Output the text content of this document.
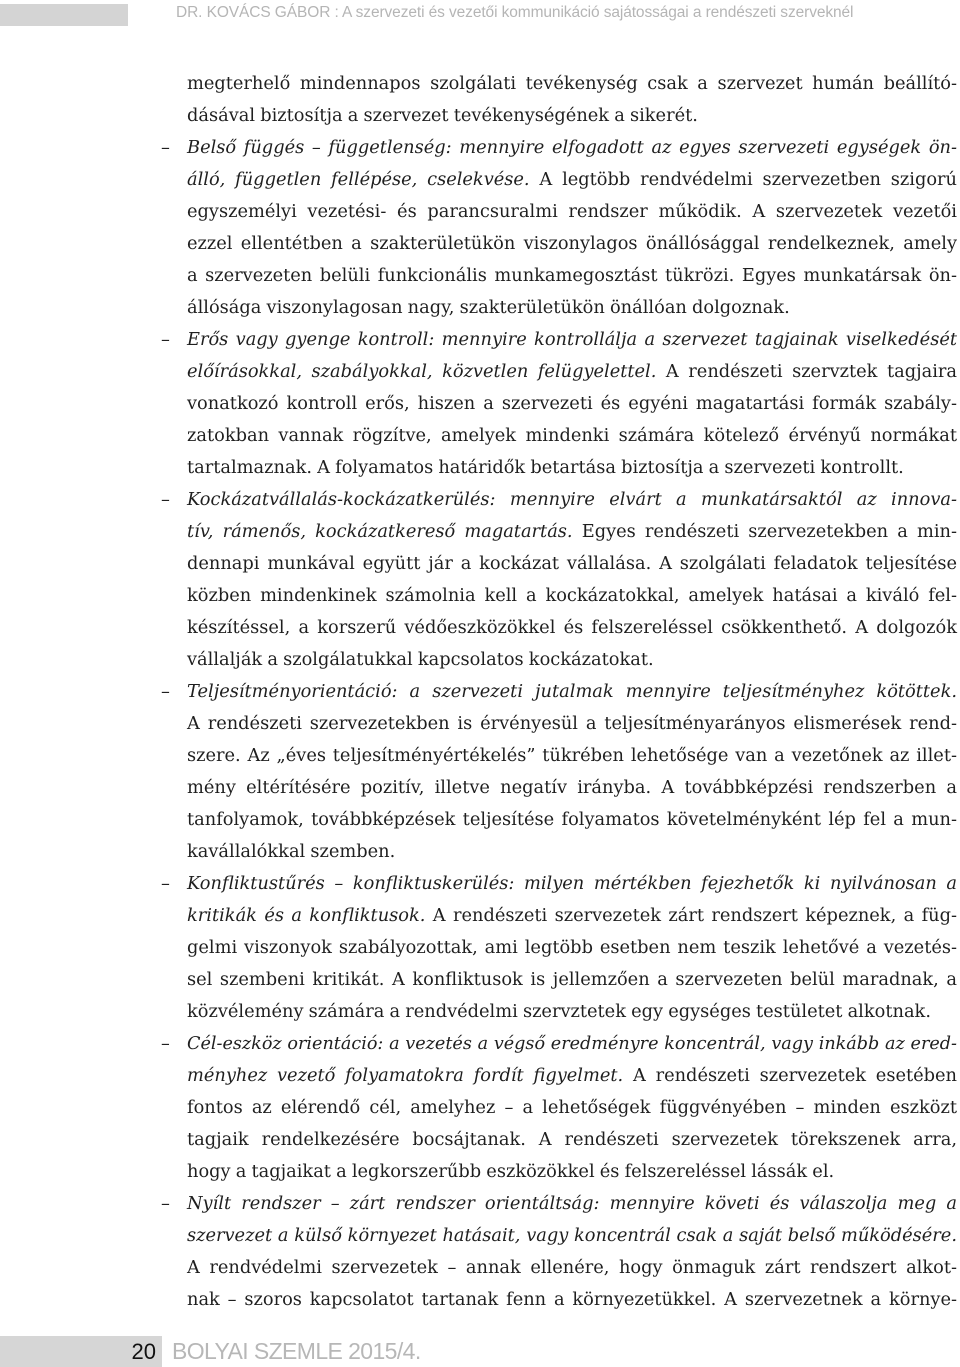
DR. KOVÁCS GÁBOR : A szervezeti és vezetői kommunikáció sajátosságai a rendészeti szerveknél
megterhelő mindennapos szolgálati tevékenység csak a szervezet humán beállító-
dásával biztosítja a szervezet tevékenységének a sikerét.
– Belső függés – függetlenség: mennyire elfogadott az egyes szervezeti egységek ön-
álló, független fellépése, cselekvése. A legtöbb rendvédelmi szervezetben szigorú
egyszemélyi vezetési- és parancsuralmi rendszer működik. A szervezetek vezetői
ezzel ellentétben a szakterületükön viszonylagos önállósággal rendelkeznek, amely
a szervezeten belüli funkcionális munkamegosztást tükrözi. Egyes munkatársak ön-
állósága viszonylagosan nagy, szakterületükön önállóan dolgoznak.
– Erős vagy gyenge kontroll: mennyire kontrollálja a szervezet tagjainak viselkedését
előírásokkal, szabályokkal, közvetlen felügyelettel. A rendészeti szervztek tagjaira
vonatkozó kontroll erős, hiszen a szervezeti és egyéni magatartási formák szabály-
zatokban vannak rögzítve, amelyek mindenki számára kötelező érvényű normákat
tartalmaznak. A folyamatos határidők betartása biztosítja a szervezeti kontrollt.
– Kockázatvállalás-kockázatkerülés: mennyire elvárt a munkatársaktól az innova-
tív, rámenős, kockázatkereső magatartás. Egyes rendészeti szervezetekben a min-
dennapi munkával együtt jár a kockázat vállalása. A szolgálati feladatok teljesítése
közben mindenkinek számolnia kell a kockázatokkal, amelyek hatásai a kiváló fel-
készítéssel, a korszerű védőeszközökkel és felszereléssel csökkenthető. A dolgozók
vállalják a szolgálatukkal kapcsolatos kockázatokat.
– Teljesítményorientáció: a szervezeti jutalmak mennyire teljesítményhez kötöttek.
A rendészeti szervezetekben is érvényesül a teljesítményarányos elismerések rend-
szere. Az „éves teljesítményértékelés” tükrében lehetősége van a vezetőnek az illet-
mény eltérítésére pozitív, illetve negatív irányba. A továbbképzési rendszerben a
tanfolyamok, továbbképzések teljesítése folyamatos követelményként lép fel a mun-
kavállalókkal szemben.
– Konfliktustűrés – konfliktuskerülés: milyen mértékben fejezhetők ki nyilvánosan a
kritikák és a konfliktusok. A rendészeti szervezetek zárt rendszert képeznek, a füg-
gelmi viszonyok szabályozottak, ami legtöbb esetben nem teszik lehetővé a vezetés-
sel szembeni kritikát. A konfliktusok is jellemzően a szervezeten belül maradnak, a
közvélemény számára a rendvédelmi szervztetek egy egységes testületet alkotnak.
– Cél-eszköz orientáció: a vezetés a végső eredményre koncentrál, vagy inkább az ered-
ményhez vezető folyamatokra fordít figyelmet. A rendészeti szervezetek esetében
fontos az elérendő cél, amelyhez – a lehetőségek függvényében – minden eszközt
tagjaik rendelkezésére bocsájtanak. A rendészeti szervezetek törekszenek arra,
hogy a tagjaikat a legkorszerűbb eszközökkel és felszereléssel lássák el.
– Nyílt rendszer – zárt rendszer orientáltság: mennyire követi és válaszolja meg a
szervezet a külső környezet hatásait, vagy koncentrál csak a saját belső működésére.
A rendvédelmi szervezetek – annak ellenére, hogy önmaguk zárt rendszert alkot-
nak – szoros kapcsolatot tartanak fenn a környezetükkel. A szervezetnek a környe-
20 BOLYAI SZEMLE 2015/4.
